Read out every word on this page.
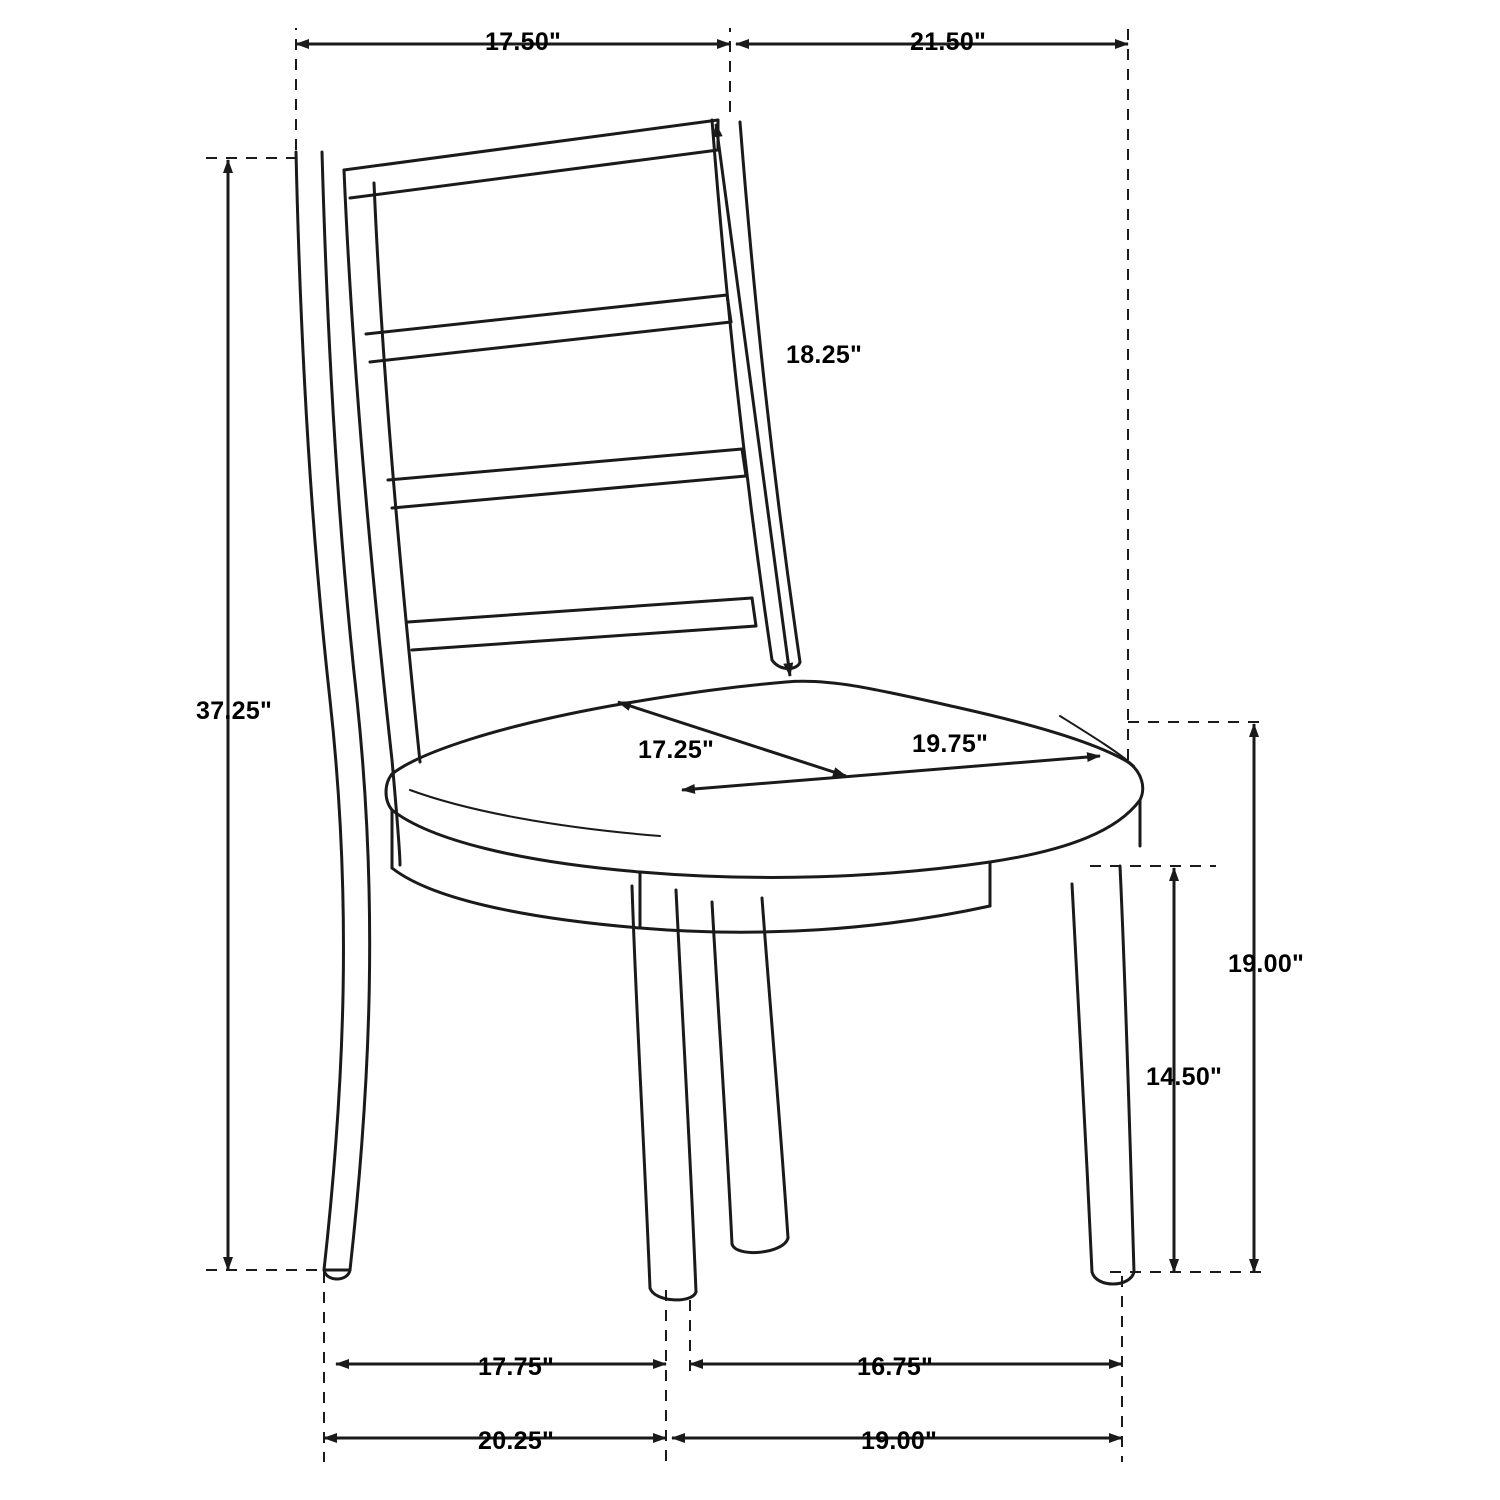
17.50"	21.50"
18.25"
37.25"
17.25"	19.75"
19.00"
14.50"
17.75"	16.75"
20.25"	19.00"
